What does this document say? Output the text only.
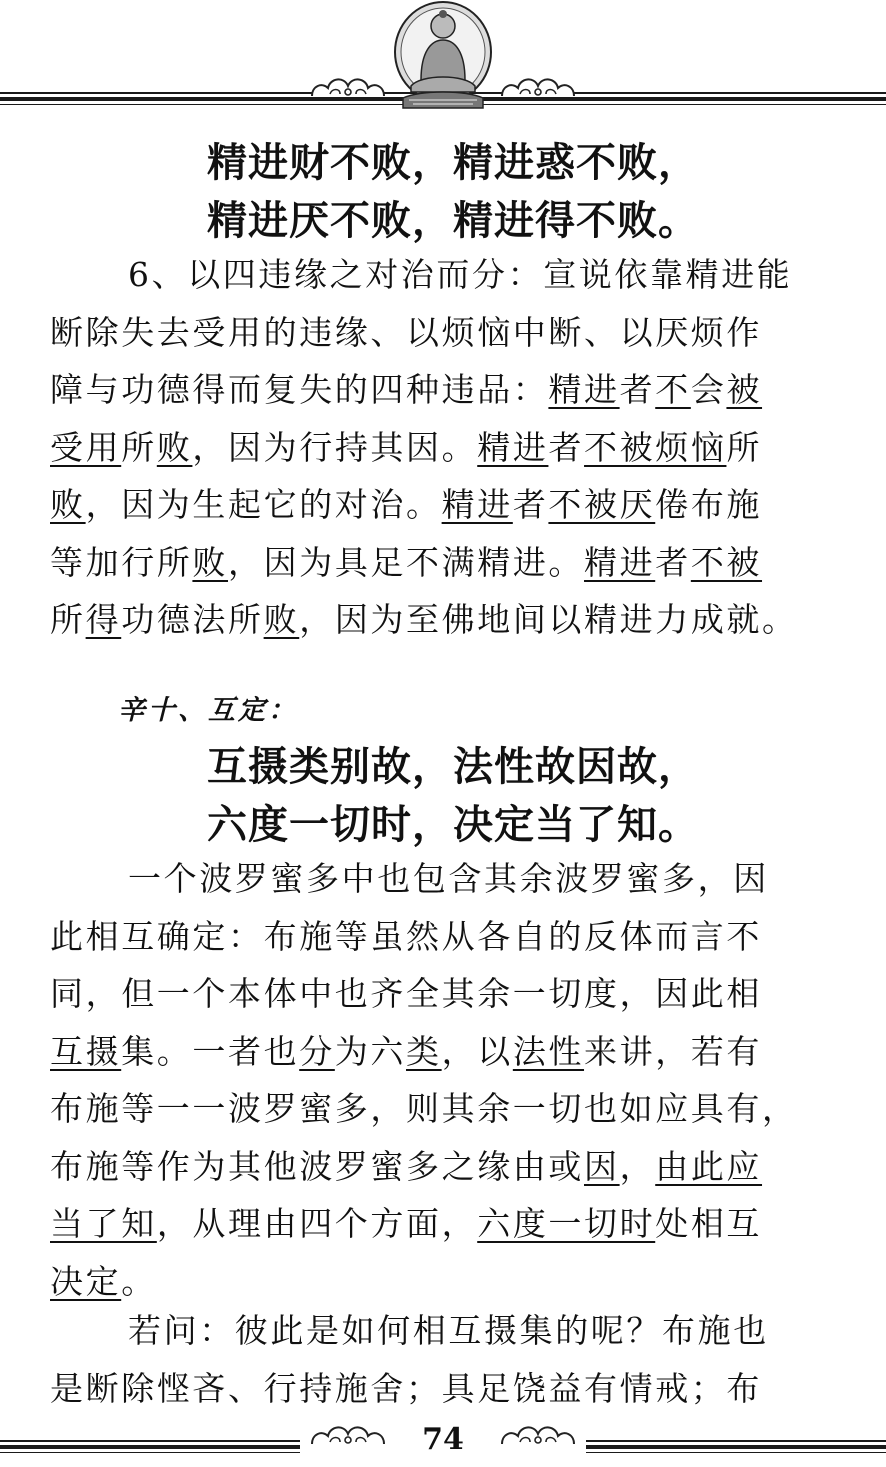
精进财不败，精进惑不败，
精进厌不败，精进得不败。
6、以四违缘之对治而分：宣说依靠精进能
断除失去受用的违缘、以烦恼中断、以厌烦作
障与功德得而复失的四种违品：精进者不会被
受用所败，因为行持其因。精进者不被烦恼所
败，因为生起它的对治。精进者不被厌倦布施
等加行所败，因为具足不满精进。精进者不被
所得功德法所败，因为至佛地间以精进力成就。
辛十、互定：
互摄类别故，法性故因故，
六度一切时，决定当了知。
一个波罗蜜多中也包含其余波罗蜜多，因
此相互确定：布施等虽然从各自的反体而言不
同，但一个本体中也齐全其余一切度，因此相
互摄集。一者也分为六类，以法性来讲，若有
布施等一一波罗蜜多，则其余一切也如应具有，
布施等作为其他波罗蜜多之缘由或因，由此应
当了知，从理由四个方面，六度一切时处相互
决定。
若问：彼此是如何相互摄集的呢？布施也
是断除悭吝、行持施舍；具足饶益有情戒；布
74
